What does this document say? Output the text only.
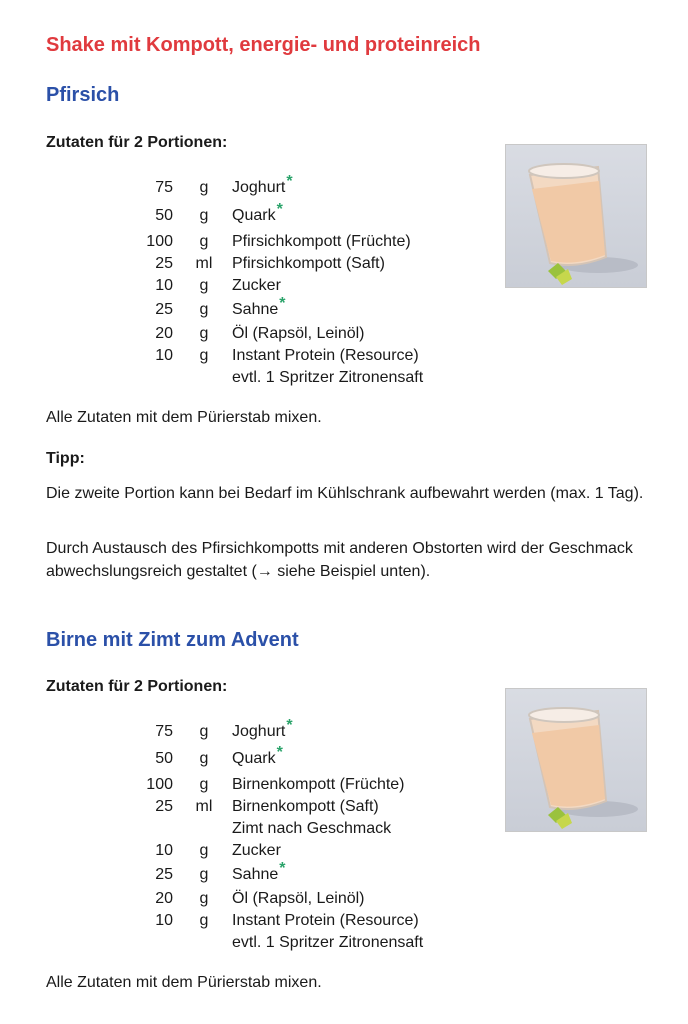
Shake mit Kompott, energie- und proteinreich
Pfirsich
Zutaten für 2 Portionen:
75	g	Joghurt*
50	g	Quark*
100	g	Pfirsichkompott (Früchte)
25 ml Pfirsichkompott (Saft)
10	g	Zucker
25	g	Sahne*
20	g	Öl (Rapsöl, Leinöl)
10	g	Instant Protein (Resource)
evtl. 1 Spritzer Zitronensaft

Alle Zutaten mit dem Pürierstab mixen.

Tipp:

Die zweite Portion kann bei Bedarf im Kühlschrank aufbewahrt werden (max. 1 Tag).

Durch Austausch des Pfirsichkompotts mit anderen Obstorten wird der Geschmack abwechslungsreich gestaltet (→ siehe Beispiel unten).

Birne mit Zimt zum Advent
Zutaten für 2 Portionen:
75	g	Joghurt*
50	g	Quark*
100	g	Birnenkompott (Früchte)
25 ml Birnenkompott (Saft)
Zimt nach Geschmack
10	g	Zucker
25	g	Sahne*
20	g	Öl (Rapsöl, Leinöl)
10	g	Instant Protein (Resource)
evtl. 1 Spritzer Zitronensaft

Alle Zutaten mit dem Pürierstab mixen.
